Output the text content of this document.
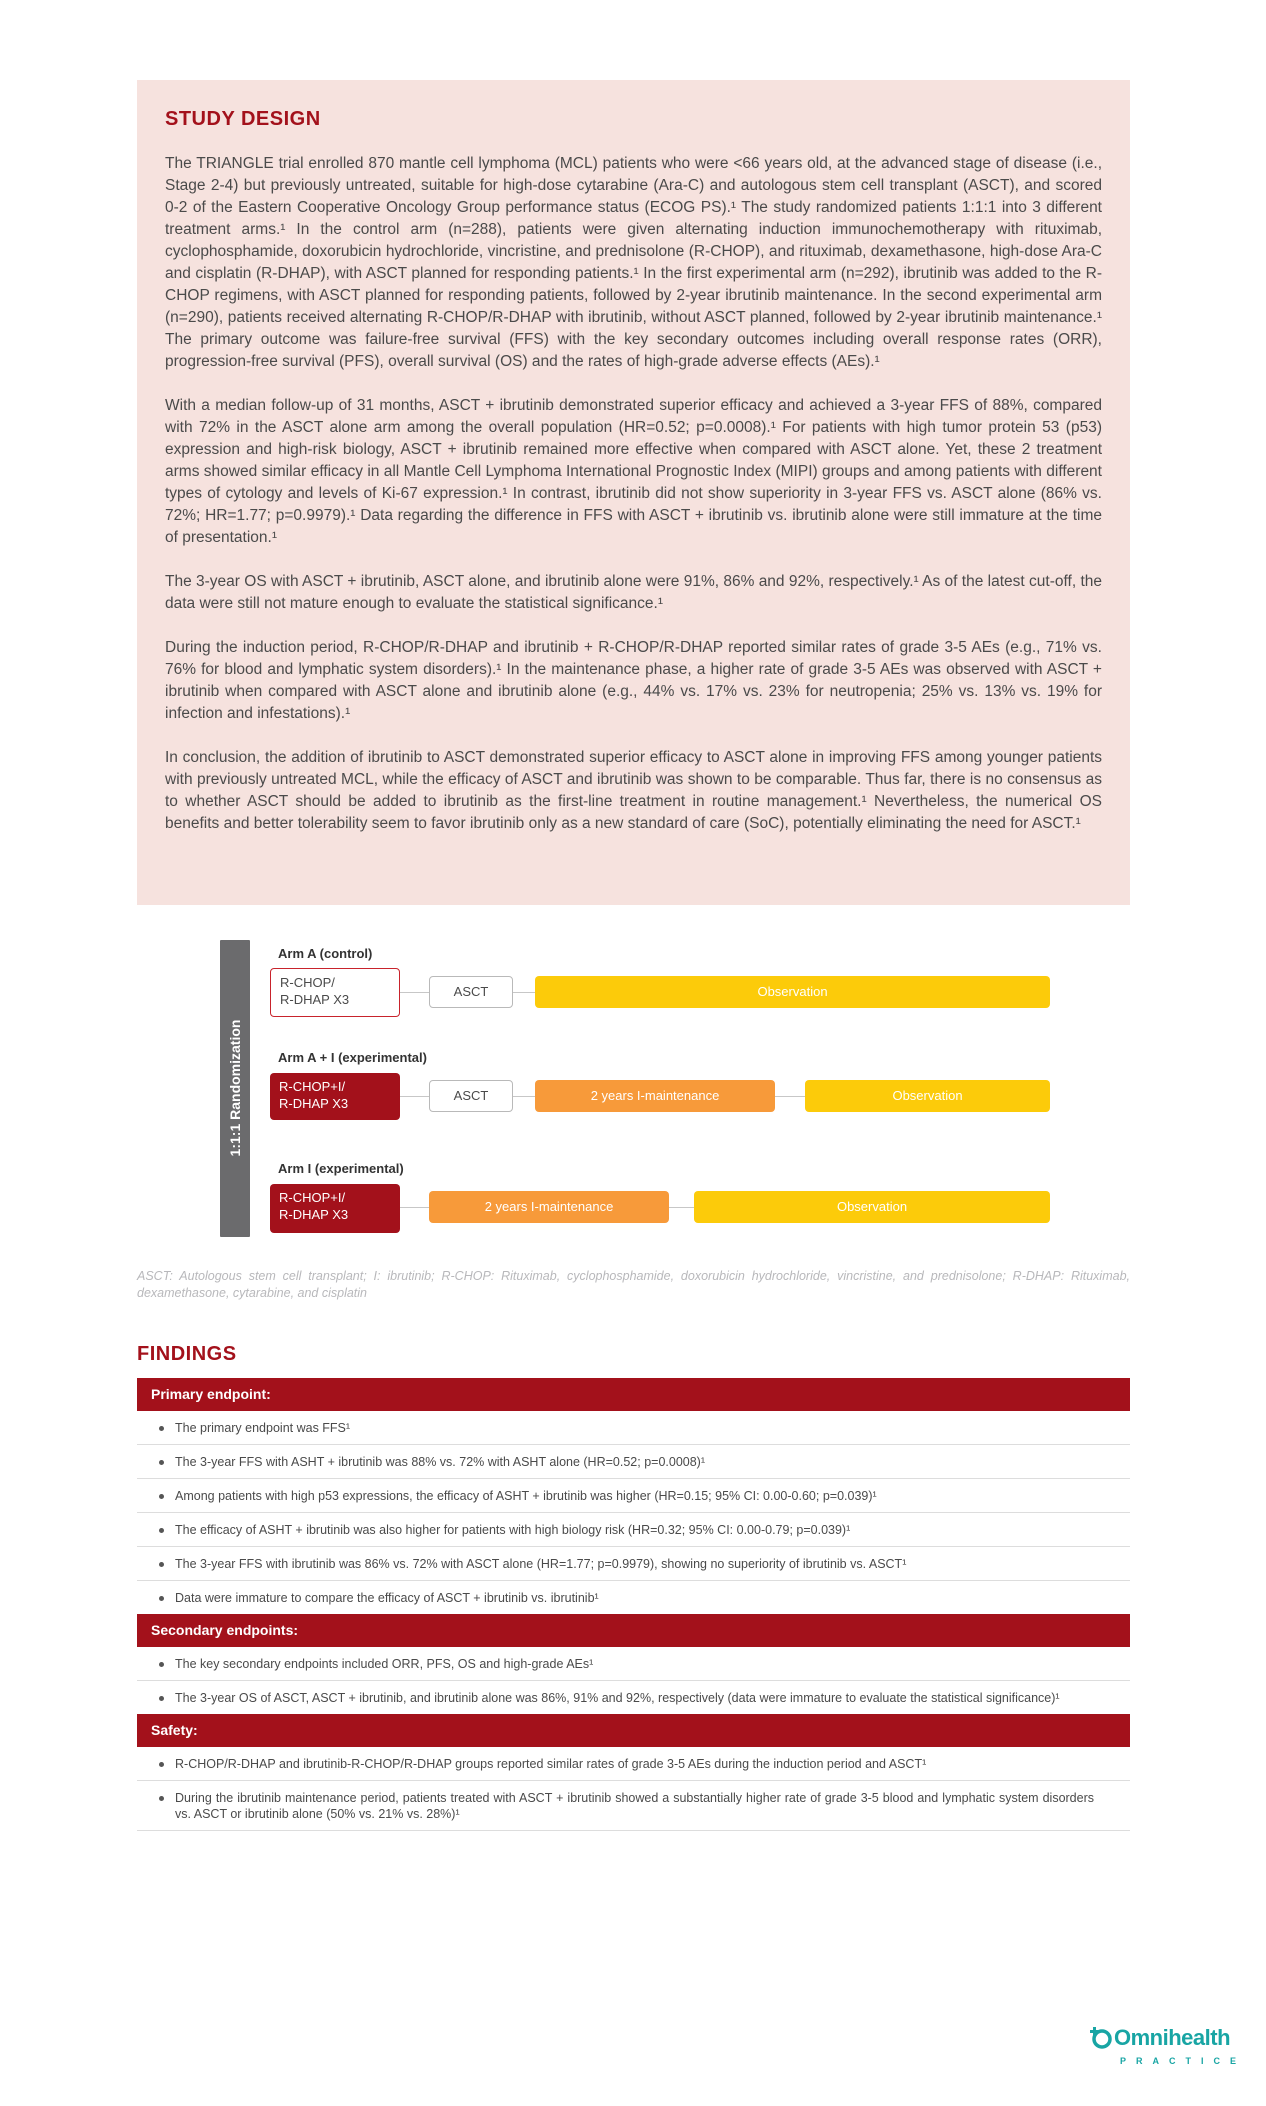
STUDY DESIGN

The TRIANGLE trial enrolled 870 mantle cell lymphoma (MCL) patients who were <66 years old, at the advanced stage of disease (i.e., Stage 2-4) but previously untreated, suitable for high-dose cytarabine (Ara-C) and autologous stem cell transplant (ASCT), and scored 0-2 of the Eastern Cooperative Oncology Group performance status (ECOG PS).¹ The study randomized patients 1:1:1 into 3 different treatment arms.¹ In the control arm (n=288), patients were given alternating induction immunochemotherapy with rituximab, cyclophosphamide, doxorubicin hydrochloride, vincristine, and prednisolone (R-CHOP), and rituximab, dexamethasone, high-dose Ara-C and cisplatin (R-DHAP), with ASCT planned for responding patients.¹ In the first experimental arm (n=292), ibrutinib was added to the R-CHOP regimens, with ASCT planned for responding patients, followed by 2-year ibrutinib maintenance. In the second experimental arm (n=290), patients received alternating R-CHOP/R-DHAP with ibrutinib, without ASCT planned, followed by 2-year ibrutinib maintenance.¹ The primary outcome was failure-free survival (FFS) with the key secondary outcomes including overall response rates (ORR), progression-free survival (PFS), overall survival (OS) and the rates of high-grade adverse effects (AEs).¹

With a median follow-up of 31 months, ASCT + ibrutinib demonstrated superior efficacy and achieved a 3-year FFS of 88%, compared with 72% in the ASCT alone arm among the overall population (HR=0.52; p=0.0008).¹ For patients with high tumor protein 53 (p53) expression and high-risk biology, ASCT + ibrutinib remained more effective when compared with ASCT alone. Yet, these 2 treatment arms showed similar efficacy in all Mantle Cell Lymphoma International Prognostic Index (MIPI) groups and among patients with different types of cytology and levels of Ki-67 expression.¹ In contrast, ibrutinib did not show superiority in 3-year FFS vs. ASCT alone (86% vs. 72%; HR=1.77; p=0.9979).¹ Data regarding the difference in FFS with ASCT + ibrutinib vs. ibrutinib alone were still immature at the time of presentation.¹

The 3-year OS with ASCT + ibrutinib, ASCT alone, and ibrutinib alone were 91%, 86% and 92%, respectively.¹ As of the latest cut-off, the data were still not mature enough to evaluate the statistical significance.¹

During the induction period, R-CHOP/R-DHAP and ibrutinib + R-CHOP/R-DHAP reported similar rates of grade 3-5 AEs (e.g., 71% vs. 76% for blood and lymphatic system disorders).¹ In the maintenance phase, a higher rate of grade 3-5 AEs was observed with ASCT + ibrutinib when compared with ASCT alone and ibrutinib alone (e.g., 44% vs. 17% vs. 23% for neutropenia; 25% vs. 13% vs. 19% for infection and infestations).¹

In conclusion, the addition of ibrutinib to ASCT demonstrated superior efficacy to ASCT alone in improving FFS among younger patients with previously untreated MCL, while the efficacy of ASCT and ibrutinib was shown to be comparable. Thus far, there is no consensus as to whether ASCT should be added to ibrutinib as the first-line treatment in routine management.¹ Nevertheless, the numerical OS benefits and better tolerability seem to favor ibrutinib only as a new standard of care (SoC), potentially eliminating the need for ASCT.¹

1:1:1 Randomization
Arm A (control)
R-CHOP/
R-DHAP X3
ASCT	Observation
Arm A + I (experimental)
R-CHOP+I/
R-DHAP X3
ASCT	2 years I-maintenance	Observation
Arm I (experimental)
R-CHOP+I/
R-DHAP X3
2 years I-maintenance	Observation
ASCT: Autologous stem cell transplant; I: ibrutinib; R-CHOP: Rituximab, cyclophosphamide, doxorubicin hydrochloride, vincristine, and prednisolone; R-DHAP: Rituximab, dexamethasone, cytarabine, and cisplatin
FINDINGS
Primary endpoint:
The primary endpoint was FFS¹
The 3-year FFS with ASHT + ibrutinib was 88% vs. 72% with ASHT alone (HR=0.52; p=0.0008)¹
Among patients with high p53 expressions, the efficacy of ASHT + ibrutinib was higher (HR=0.15; 95% CI: 0.00-0.60; p=0.039)¹
The efficacy of ASHT + ibrutinib was also higher for patients with high biology risk (HR=0.32; 95% CI: 0.00-0.79; p=0.039)¹
The 3-year FFS with ibrutinib was 86% vs. 72% with ASCT alone (HR=1.77; p=0.9979), showing no superiority of ibrutinib vs. ASCT¹
Data were immature to compare the efficacy of ASCT + ibrutinib vs. ibrutinib¹
Secondary endpoints:
The key secondary endpoints included ORR, PFS, OS and high-grade AEs¹
The 3-year OS of ASCT, ASCT + ibrutinib, and ibrutinib alone was 86%, 91% and 92%, respectively (data were immature to evaluate the statistical significance)¹
Safety:
R-CHOP/R-DHAP and ibrutinib-R-CHOP/R-DHAP groups reported similar rates of grade 3-5 AEs during the induction period and ASCT¹
During the ibrutinib maintenance period, patients treated with ASCT + ibrutinib showed a substantially higher rate of grade 3-5 blood and lymphatic system disorders vs. ASCT or ibrutinib alone (50% vs. 21% vs. 28%)¹
Omnihealth
PRACTICE
